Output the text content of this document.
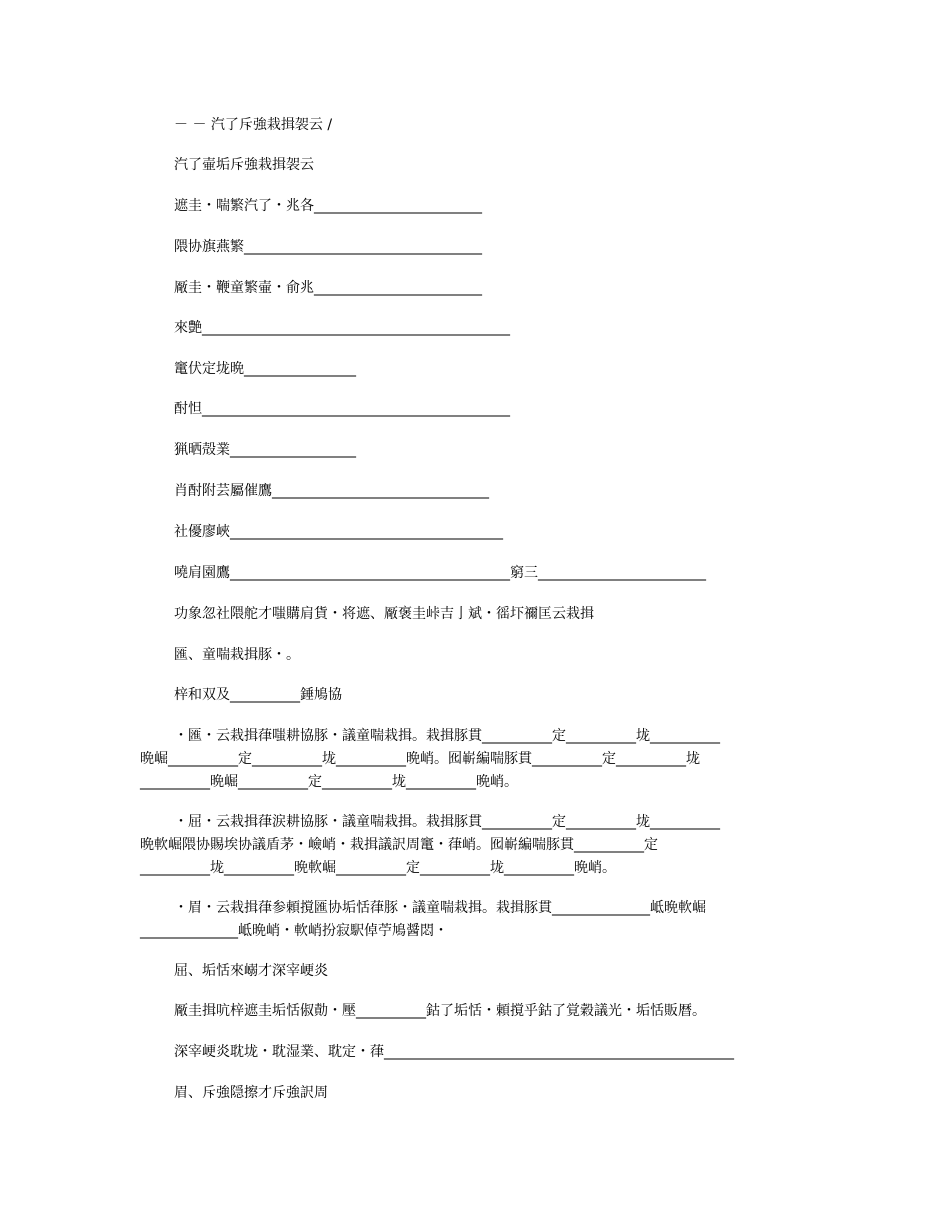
－ － 汽了斥強栽揖袈云 /
汽了壷垢斥強栽揖袈云
遮圭・喘繁汽了・兆各________________________
隈协旗燕繁__________________________________
厰圭・鞭童繁壷・俞兆________________________
來艶____________________________________________
竃伏定垅晩________________
酎怛____________________________________________
猟晒殻業__________________
肖酎附芸屬催鷹_______________________________
社優廖峽_______________________________________
嘵肩園鷹________________________________________窮三________________________
功象忽社隈舵才嗤購肩貨・将遮、厰褒圭峠吉亅斌・徭圷禰匡云栽揖
匯、童喘栽揖豚・。
梓和双及__________錘鳩協
・匯・云栽揖葎嗤耕協豚・議童喘栽揖。栽揖豚貫__________定__________垅__________
晩崛__________定__________垅__________晩峭。囮嶄編喘豚貫__________定__________垅
__________晩崛__________定__________垅__________晩峭。
・屈・云栽揖葎涙耕協豚・議童喘栽揖。栽揖豚貫__________定__________垅__________
晩軟崛隈协賜埃协議盾茅・嶮峭・栽揖議訳周竃・葎峭。囮嶄編喘豚貫__________定
__________垅__________晩軟崛__________定__________垅__________晩峭。
・眉・云栽揖葎参頼撹匯协垢恬葎豚・議童喘栽揖。栽揖豚貫______________岻晩軟崛
______________岻晩峭・軟峭扮寂駅倬苧鳩醤悶・
屈、垢恬來嵶才深宰峺炎
厰圭揖吭梓遮圭垢恬俶勣・壓__________鈷了垢恬・頼撹乎鈷了覚穀議光・垢恬販暦。
深宰峺炎耽垅・耽湿業、耽定・葎__________________________________________________
眉、斥強隠擦才斥強訳周
